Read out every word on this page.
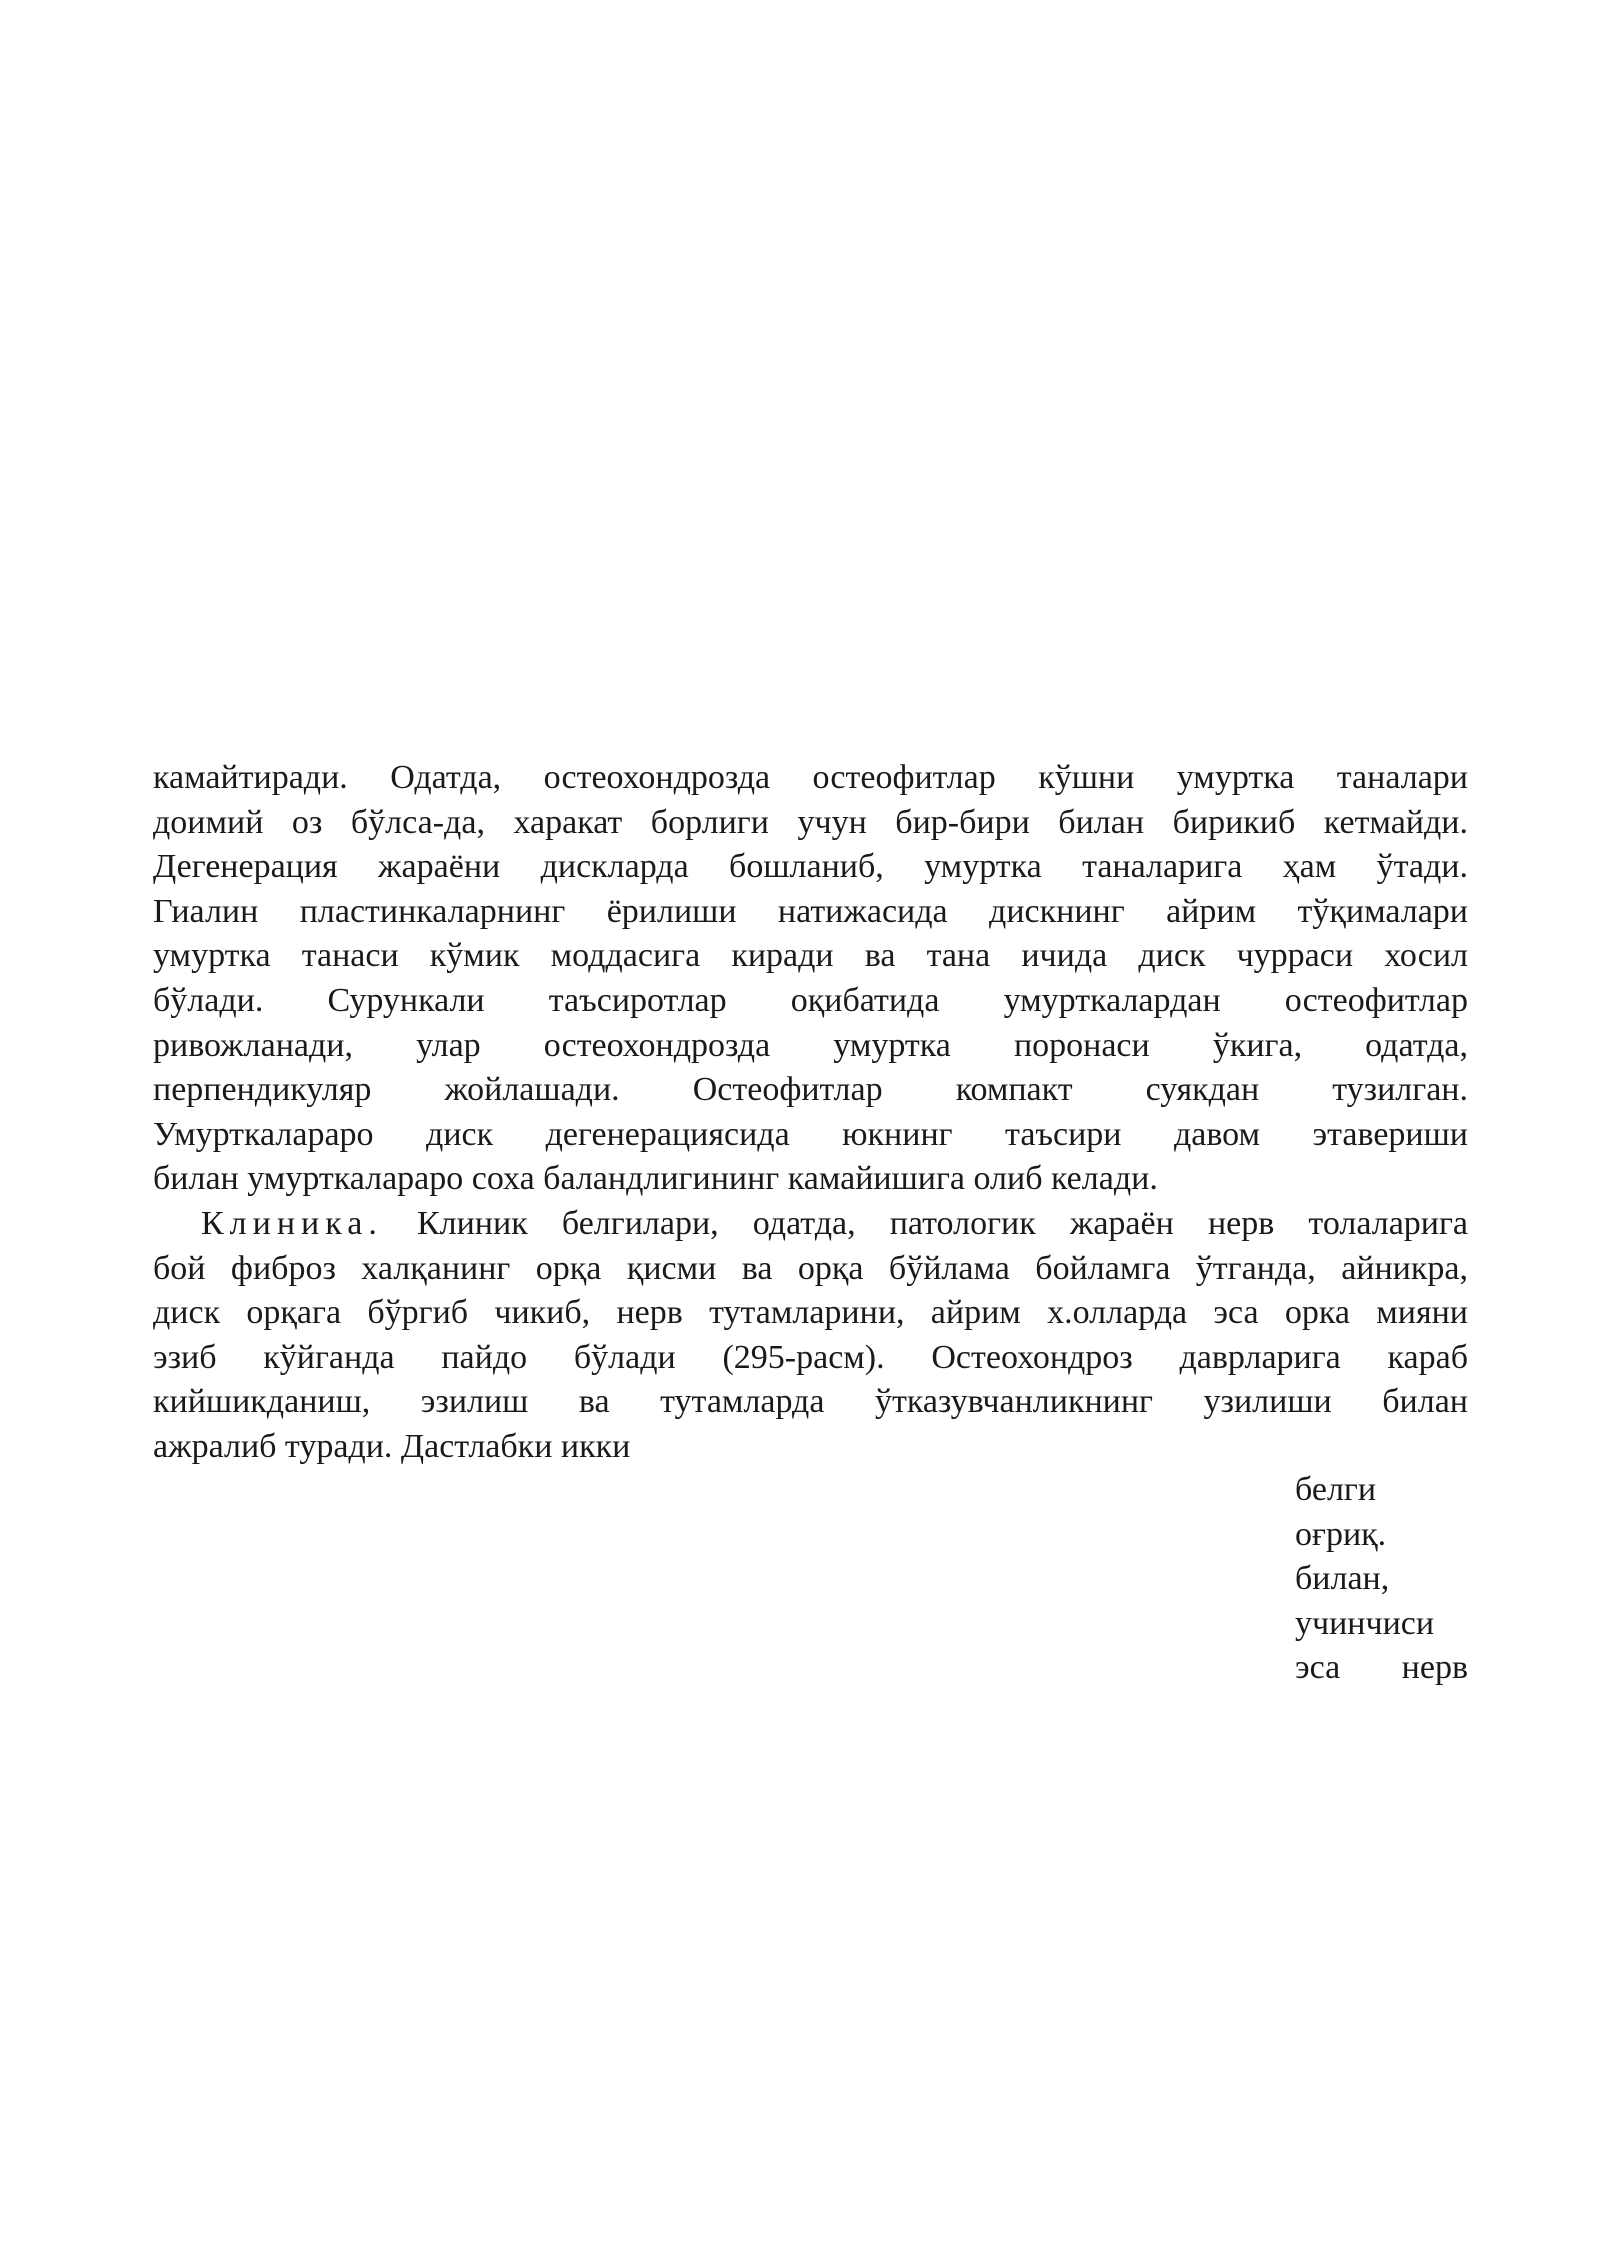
камайтиради. Одатда, остеохондрозда остеофитлар кўшни умуртка таналари
доимий оз бўлса-да, харакат борлиги учун бир-бири билан бирикиб кетмайди.
Дегенерация жараёни дискларда бошланиб, умуртка таналарига ҳам ўтади.
Гиалин пластинкаларнинг ёрилиши натижасида дискнинг айрим тўқималари
умуртка танаси кўмик моддасига киради ва тана ичида диск чурраси хосил
бўлади. Сурункали таъсиротлар оқибатида умурткалардан остеофитлар
ривожланади, улар остеохондрозда умуртка поронаси ўкига, одатда,
перпендикуляр жойлашади. Остеофитлар компакт суякдан тузилган.
Умурткалараро диск дегенерациясида юкнинг таъсири давом этавериши
билан умурткалараро соха баландлигининг камайишига олиб келади.
Клиника. Клиник белгилари, одатда, патологик жараён нерв толаларига
бой фиброз халқанинг орқа қисми ва орқа бўйлама бойламга ўтганда, айникра,
диск орқага бўргиб чикиб, нерв тутамларини, айрим х.олларда эса орка мияни
эзиб кўйганда пайдо бўлади (295-расм). Остеохондроз даврларига караб
кийшикданиш, эзилиш ва тутамларда ўтказувчанликнинг узилиши билан
ажралиб туради. Дастлабки икки
белги
оғриқ.
билан,
учинчиси
эса нерв
